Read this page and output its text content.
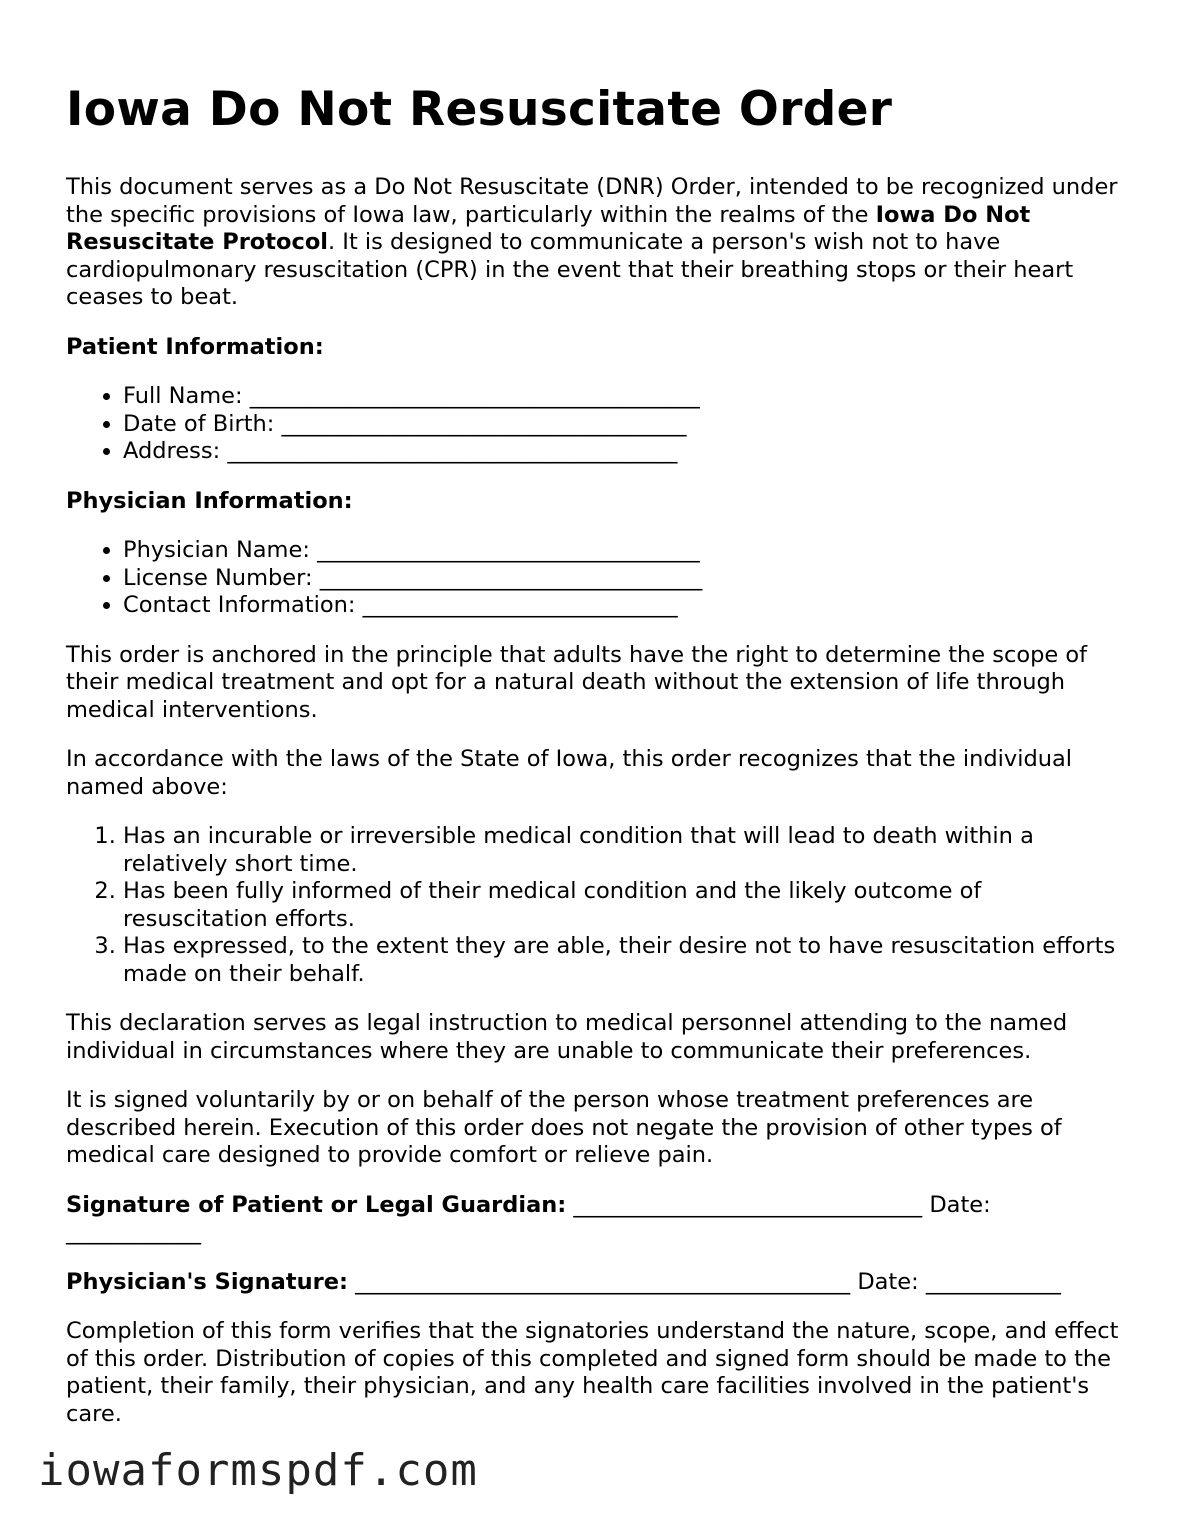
Iowa Do Not Resuscitate Order

This document serves as a Do Not Resuscitate (DNR) Order, intended to be recognized under the specific provisions of Iowa law, particularly within the realms of the Iowa Do Not Resuscitate Protocol. It is designed to communicate a person's wish not to have cardiopulmonary resuscitation (CPR) in the event that their breathing stops or their heart ceases to beat.

Patient Information:

• Full Name: ________________________________________
• Date of Birth: ____________________________________
• Address: ________________________________________

Physician Information:

• Physician Name: __________________________________
• License Number: __________________________________
• Contact Information: ____________________________

This order is anchored in the principle that adults have the right to determine the scope of their medical treatment and opt for a natural death without the extension of life through medical interventions.

In accordance with the laws of the State of Iowa, this order recognizes that the individual named above:

1. Has an incurable or irreversible medical condition that will lead to death within a relatively short time.
2. Has been fully informed of their medical condition and the likely outcome of resuscitation efforts.
3. Has expressed, to the extent they are able, their desire not to have resuscitation efforts made on their behalf.

This declaration serves as legal instruction to medical personnel attending to the named individual in circumstances where they are unable to communicate their preferences.

It is signed voluntarily by or on behalf of the person whose treatment preferences are described herein. Execution of this order does not negate the provision of other types of medical care designed to provide comfort or relieve pain.

Signature of Patient or Legal Guardian: _______________________________ Date: ____________

Physician's Signature: ____________________________________________ Date: ____________

Completion of this form verifies that the signatories understand the nature, scope, and effect of this order. Distribution of copies of this completed and signed form should be made to the patient, their family, their physician, and any health care facilities involved in the patient's care.

iowaformspdf.com
